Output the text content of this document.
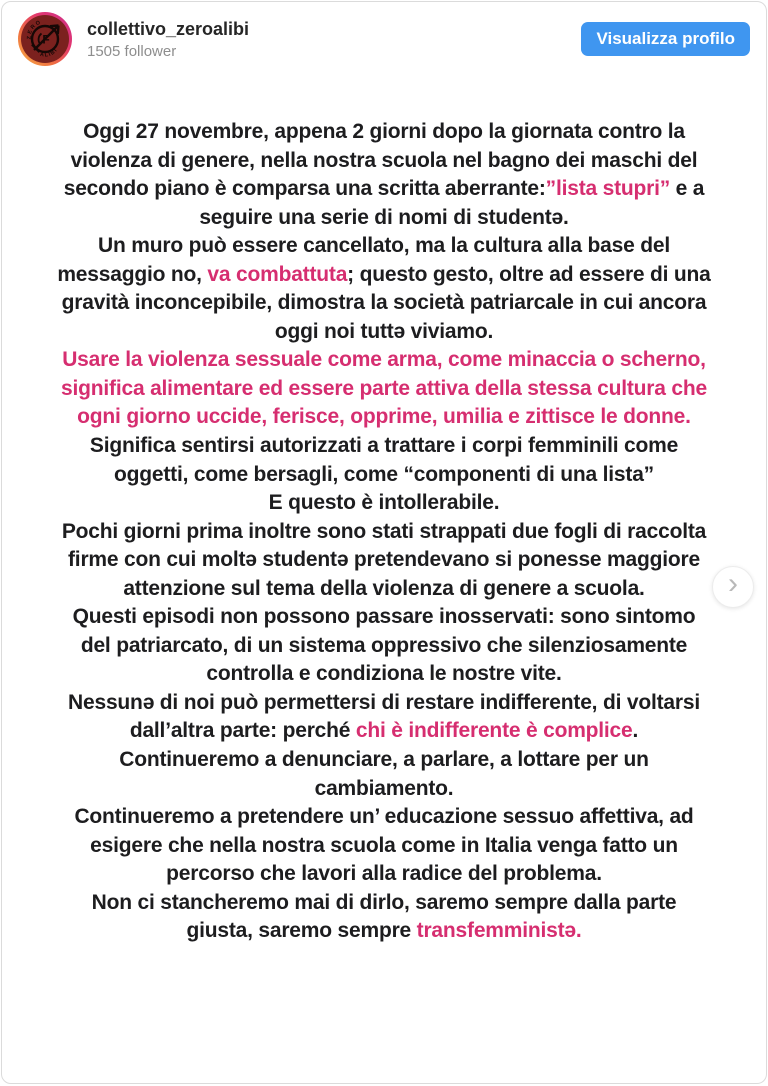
F
ZERO
ALIBI
collettivo_zeroalibi
1505 follower
Visualizza profilo
Oggi 27 novembre, appena 2 giorni dopo la giornata contro la violenza di genere, nella nostra scuola nel bagno dei maschi del secondo piano è comparsa una scritta aberrante:”lista stupri” e a seguire una serie di nomi di studentə.
Un muro può essere cancellato, ma la cultura alla base del messaggio no, va combattuta; questo gesto, oltre ad essere di una gravità inconcepibile, dimostra la società patriarcale in cui ancora oggi noi tuttə viviamo.
Usare la violenza sessuale come arma, come minaccia o scherno, significa alimentare ed essere parte attiva della stessa cultura che ogni giorno uccide, ferisce, opprime, umilia e zittisce le donne. Significa sentirsi autorizzati a trattare i corpi femminili come oggetti, come bersagli, come “componenti di una lista”
E questo è intollerabile.
Pochi giorni prima inoltre sono stati strappati due fogli di raccolta firme con cui moltə studentə pretendevano si ponesse maggiore attenzione sul tema della violenza di genere a scuola.
Questi episodi non possono passare inosservati: sono sintomo del patriarcato, di un sistema oppressivo che silenziosamente controlla e condiziona le nostre vite.
Nessunə di noi può permettersi di restare indifferente, di voltarsi dall’altra parte: perché chi è indifferente è complice.
Continueremo a denunciare, a parlare, a lottare per un cambiamento.
Continueremo a pretendere un’ educazione sessuo affettiva, ad esigere che nella nostra scuola come in Italia venga fatto un percorso che lavori alla radice del problema.
Non ci stancheremo mai di dirlo, saremo sempre dalla parte giusta, saremo sempre transfemministə.
›
